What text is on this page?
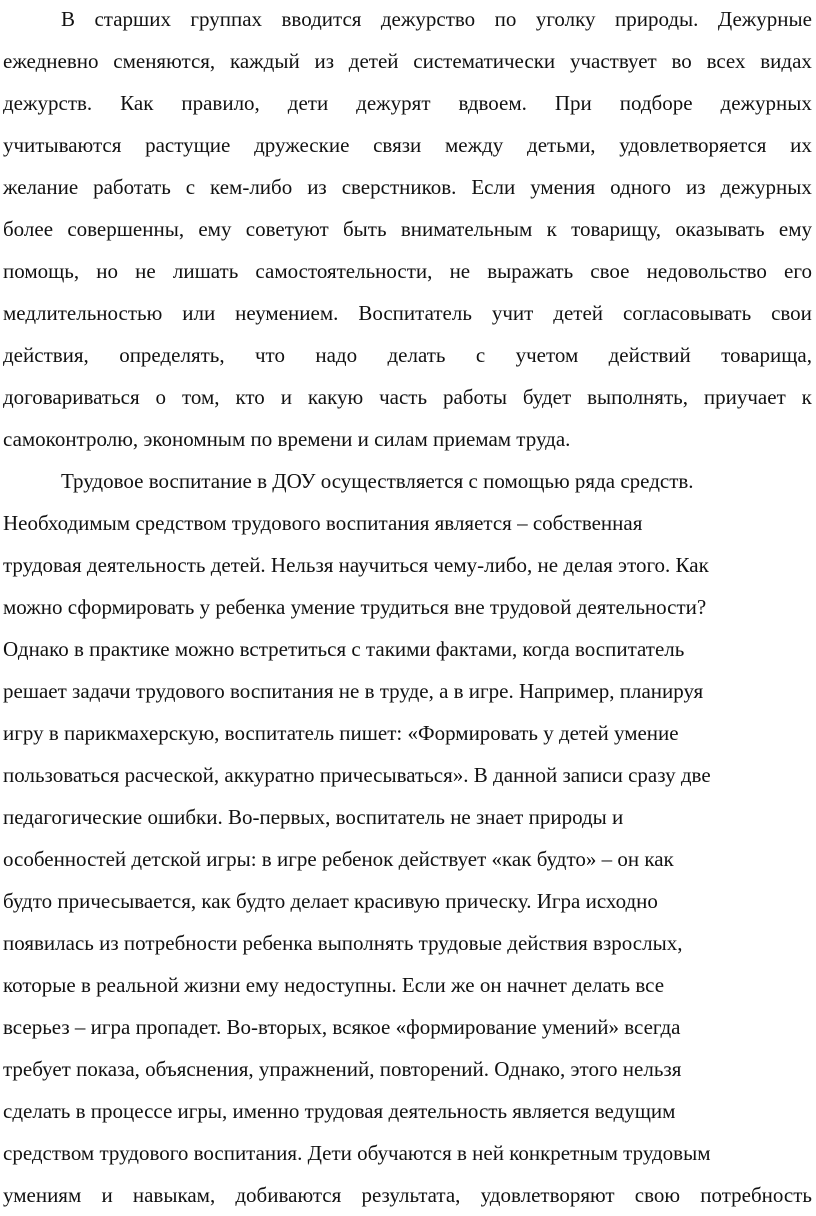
В старших группах вводится дежурство по уголку природы. Дежурные
ежедневно сменяются, каждый из детей систематически участвует во всех видах
дежурств. Как правило, дети дежурят вдвоем. При подборе дежурных
учитываются растущие дружеские связи между детьми, удовлетворяется их
желание работать с кем-либо из сверстников. Если умения одного из дежурных
более совершенны, ему советуют быть внимательным к товарищу, оказывать ему
помощь, но не лишать самостоятельности, не выражать свое недовольство его
медлительностью или неумением. Воспитатель учит детей согласовывать свои
действия, определять, что надо делать с учетом действий товарища,
договариваться о том, кто и какую часть работы будет выполнять, приучает к
самоконтролю, экономным по времени и силам приемам труда.
Трудовое воспитание в ДОУ осуществляется с помощью ряда средств.
Необходимым средством трудового воспитания является – собственная
трудовая деятельность детей. Нельзя научиться чему-либо, не делая этого. Как
можно сформировать у ребенка умение трудиться вне трудовой деятельности?
Однако в практике можно встретиться с такими фактами, когда воспитатель
решает задачи трудового воспитания не в труде, а в игре. Например, планируя
игру в парикмахерскую, воспитатель пишет: «Формировать у детей умение
пользоваться расческой, аккуратно причесываться». В данной записи сразу две
педагогические ошибки. Во-первых, воспитатель не знает природы и
особенностей детской игры: в игре ребенок действует «как будто» – он как
будто причесывается, как будто делает красивую прическу. Игра исходно
появилась из потребности ребенка выполнять трудовые действия взрослых,
которые в реальной жизни ему недоступны. Если же он начнет делать все
всерьез – игра пропадет. Во-вторых, всякое «формирование умений» всегда
требует показа, объяснения, упражнений, повторений. Однако, этого нельзя
сделать в процессе игры, именно трудовая деятельность является ведущим
средством трудового воспитания. Дети обучаются в ней конкретным трудовым
умениям и навыкам, добиваются результата, удовлетворяют свою потребность
